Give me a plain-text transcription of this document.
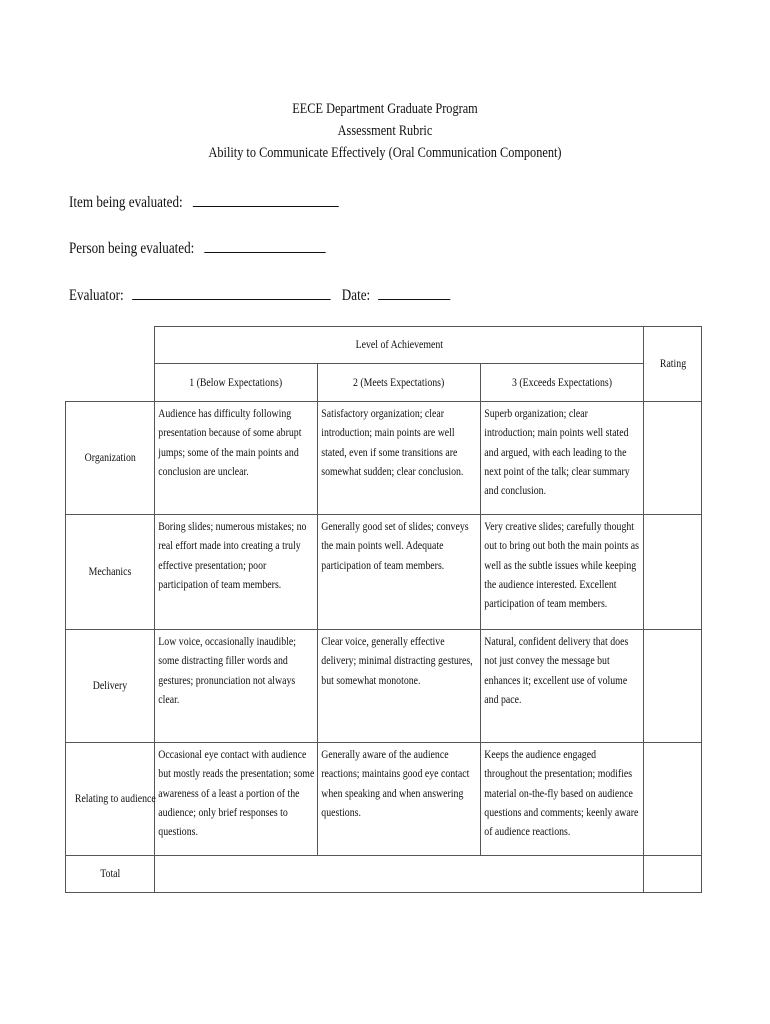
EECE Department Graduate Program
Assessment Rubric
Ability to Communicate Effectively (Oral Communication Component)
Item being evaluated:
Person being evaluated:
Evaluator:	Date:
	Level of Achievement			Rating
	1 (Below Expectations)	2 (Meets Expectations)	3 (Exceeds Expectations)	
Organization	Audience has difficulty following presentation because of some abrupt jumps; some of the main points and conclusion are unclear.	Satisfactory organization; clear introduction; main points are well stated, even if some transitions are somewhat sudden; clear conclusion.	Superb organization; clear introduction; main points well stated and argued, with each leading to the next point of the talk; clear summary and conclusion.	

Mechanics	Boring slides; numerous mistakes; no real effort made into creating a truly effective presentation; poor participation of team members.	Generally good set of slides; conveys the main points well. Adequate participation of team members.	Very creative slides; carefully thought out to bring out both the main points as well as the subtle issues while keeping the audience interested. Excellent participation of team members.	

Delivery	Low voice, occasionally inaudible; some distracting filler words and gestures; pronunciation not always clear.	Clear voice, generally effective delivery; minimal distracting gestures, but somewhat monotone.	Natural, confident delivery that does not just convey the message but enhances it; excellent use of volume and pace.	

Relating to audience	Occasional eye contact with audience but mostly reads the presentation; some awareness of a least a portion of the audience; only brief responses to questions.	Generally aware of the audience reactions; maintains good eye contact when speaking and when answering questions.	Keeps the audience engaged throughout the presentation; modifies material on-the-fly based on audience questions and comments; keenly aware of audience reactions.	

Total				
